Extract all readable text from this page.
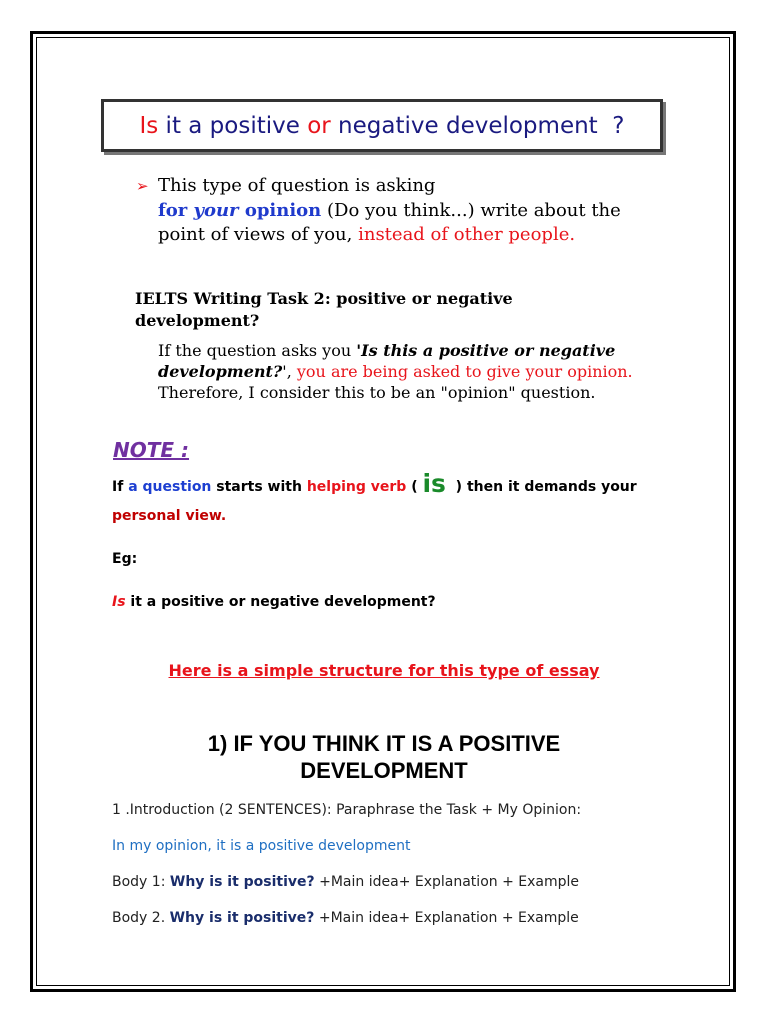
Is it a positive or negative development  ?
➢ This type of question is asking
for your opinion (Do you think...) write about the point of views of you, instead of other people.
IELTS Writing Task 2: positive or negative development?
If the question asks you 'Is this a positive or negative development?', you are being asked to give your opinion. Therefore, I consider this to be an "opinion" question.
NOTE :
If a question starts with helping verb ( is  ) then it demands your
personal view.
Eg:
Is it a positive or negative development?
Here is a simple structure for this type of essay
1) IF YOU THINK IT IS A POSITIVE
DEVELOPMENT
1 .Introduction (2 SENTENCES): Paraphrase the Task + My Opinion:
In my opinion, it is a positive development
Body 1: Why is it positive? +Main idea+ Explanation + Example
Body 2. Why is it positive? +Main idea+ Explanation + Example
